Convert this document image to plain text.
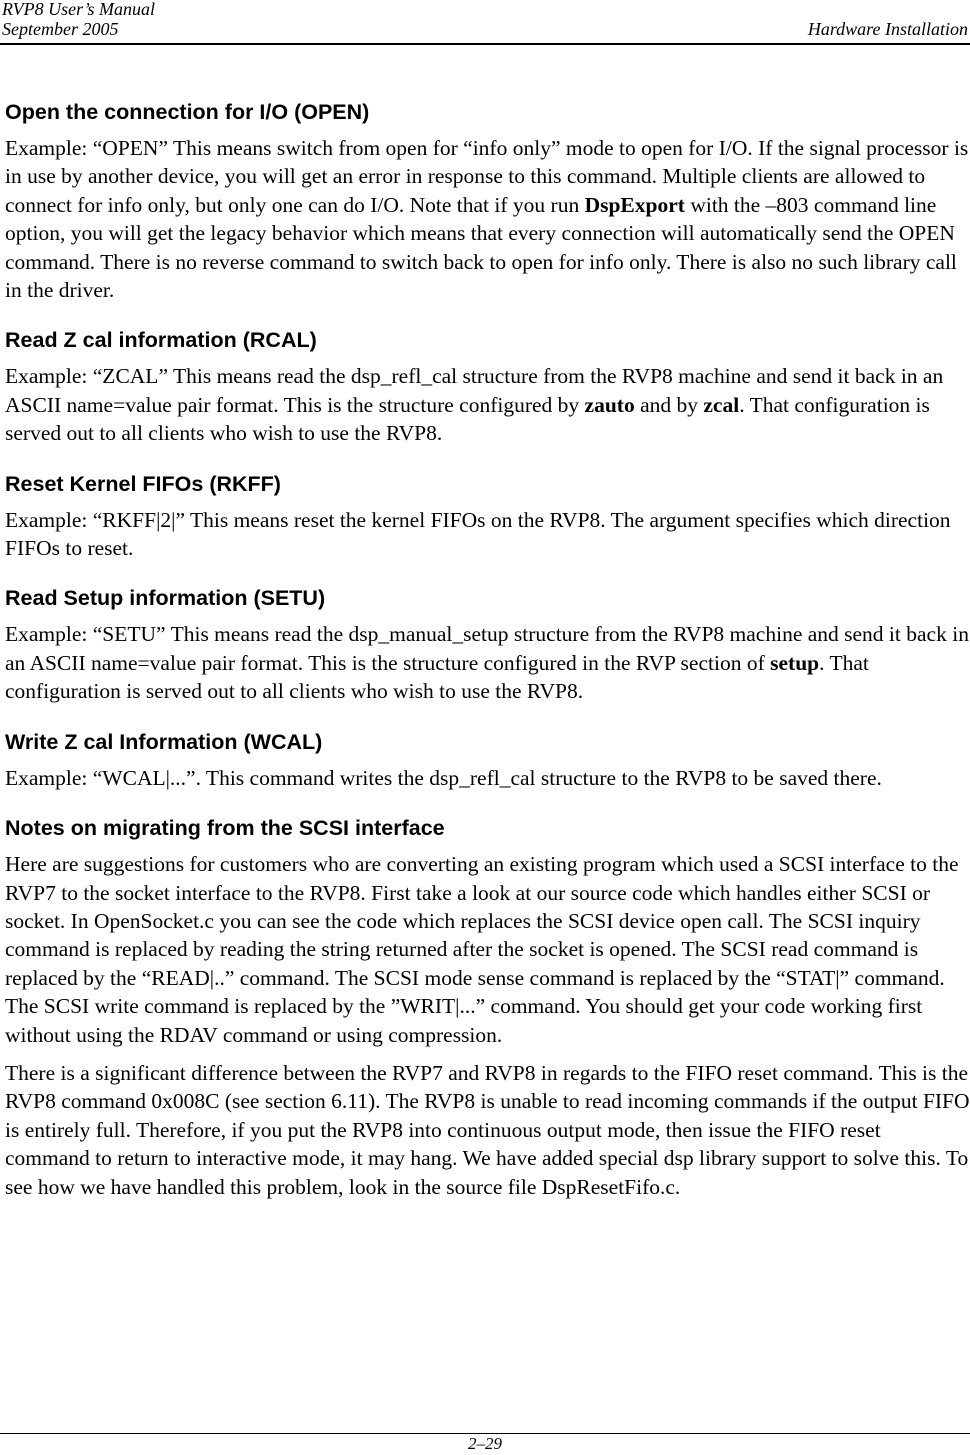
RVP8 User’s Manual
September 2005	Hardware Installation
Open the connection for I/O (OPEN)

Example: “OPEN” This means switch from open for “info only” mode to open for I/O. If the signal processor is in use by another device, you will get an error in response to this command. Multiple clients are allowed to connect for info only, but only one can do I/O. Note that if you run DspExport with the –803 command line option, you will get the legacy behavior which means that every connection will automatically send the OPEN command. There is no reverse command to switch back to open for info only. There is also no such library call in the driver.

Read Z cal information (RCAL)

Example: “ZCAL” This means read the dsp_refl_cal structure from the RVP8 machine and send it back in an ASCII name=value pair format. This is the structure configured by zauto and by zcal. That configuration is served out to all clients who wish to use the RVP8.

Reset Kernel FIFOs (RKFF)

Example: “RKFF|2|” This means reset the kernel FIFOs on the RVP8. The argument specifies which direction FIFOs to reset.

Read Setup information (SETU)

Example: “SETU” This means read the dsp_manual_setup structure from the RVP8 machine and send it back in an ASCII name=value pair format. This is the structure configured in the RVP section of setup. That configuration is served out to all clients who wish to use the RVP8.

Write Z cal Information (WCAL)

Example: “WCAL|...”. This command writes the dsp_refl_cal structure to the RVP8 to be saved there.

Notes on migrating from the SCSI interface

Here are suggestions for customers who are converting an existing program which used a SCSI interface to the RVP7 to the socket interface to the RVP8. First take a look at our source code which handles either SCSI or socket. In OpenSocket.c you can see the code which replaces the SCSI device open call. The SCSI inquiry command is replaced by reading the string returned after the socket is opened. The SCSI read command is replaced by the “READ|..” command. The SCSI mode sense command is replaced by the “STAT|” command. The SCSI write command is replaced by the ”WRIT|...” command. You should get your code working first without using the RDAV command or using compression.

There is a significant difference between the RVP7 and RVP8 in regards to the FIFO reset command. This is the RVP8 command 0x008C (see section 6.11). The RVP8 is unable to read incoming commands if the output FIFO is entirely full. Therefore, if you put the RVP8 into continuous output mode, then issue the FIFO reset command to return to interactive mode, it may hang. We have added special dsp library support to solve this. To see how we have handled this problem, look in the source file DspResetFifo.c.

2–29
